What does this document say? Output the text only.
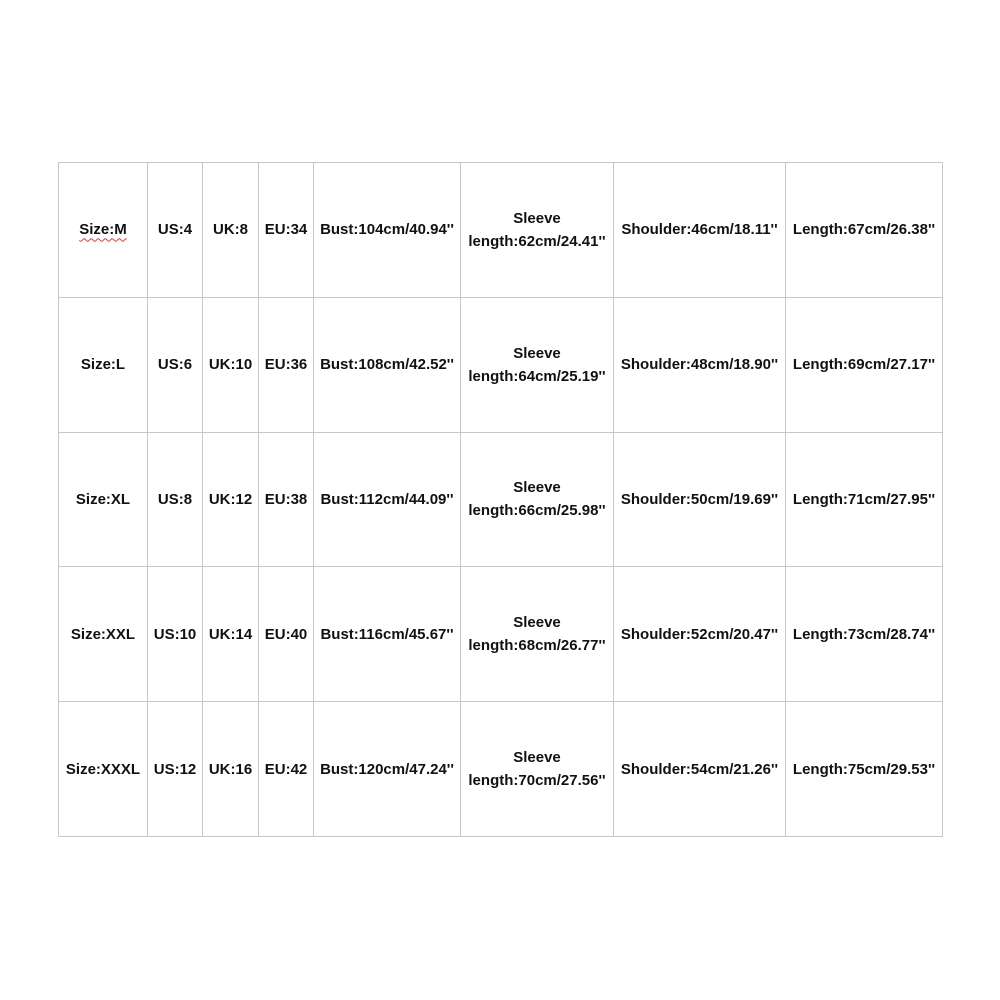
Size:M	US:4	UK:8	EU:34	Bust:104cm/40.94''	Sleeve
length:62cm/24.41''	Shoulder:46cm/18.11''	Length:67cm/26.38''
Size:L	US:6	UK:10	EU:36	Bust:108cm/42.52''	Sleeve
length:64cm/25.19''	Shoulder:48cm/18.90''	Length:69cm/27.17''
Size:XL	US:8	UK:12	EU:38	Bust:112cm/44.09''	Sleeve
length:66cm/25.98''	Shoulder:50cm/19.69''	Length:71cm/27.95''
Size:XXL	US:10	UK:14	EU:40	Bust:116cm/45.67''	Sleeve
length:68cm/26.77''	Shoulder:52cm/20.47''	Length:73cm/28.74''
Size:XXXL	US:12	UK:16	EU:42	Bust:120cm/47.24''	Sleeve
length:70cm/27.56''	Shoulder:54cm/21.26''	Length:75cm/29.53''
